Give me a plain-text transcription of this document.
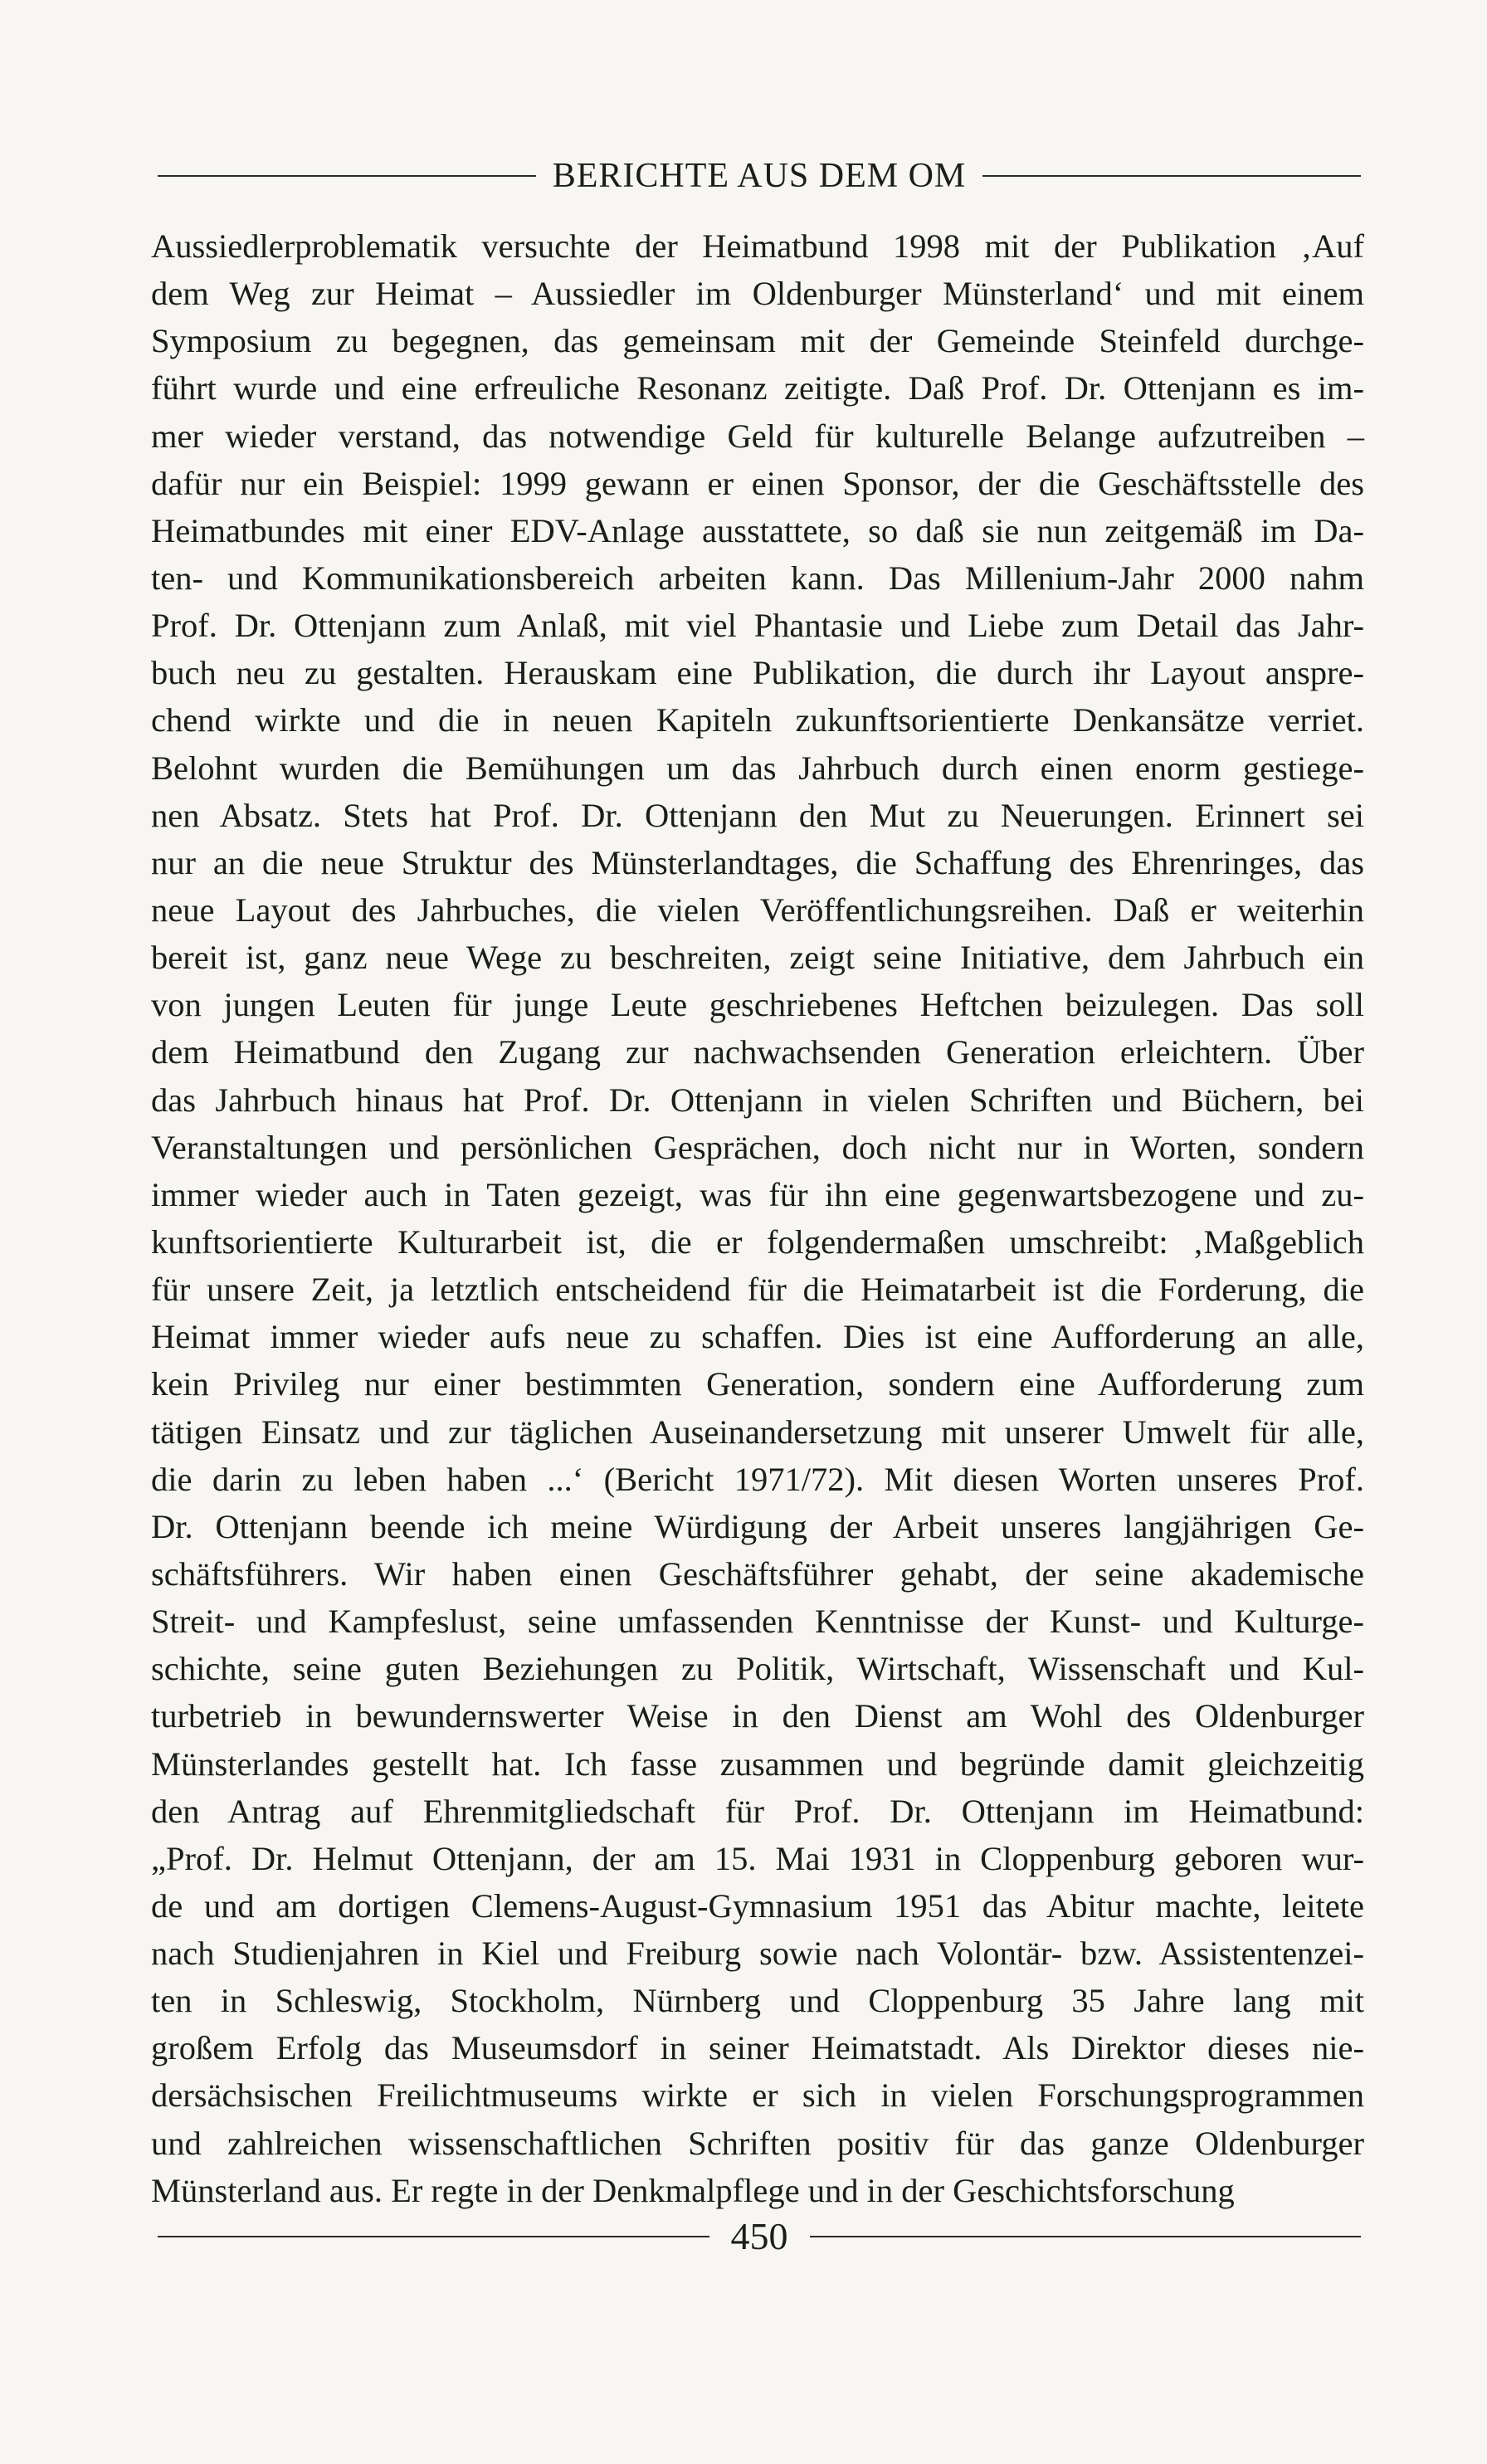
BERICHTE AUS DEM OM
Aussiedlerproblematik versuchte der Heimatbund 1998 mit der Publikation ‚Auf
dem Weg zur Heimat – Aussiedler im Oldenburger Münsterland‘ und mit einem
Symposium zu begegnen, das gemeinsam mit der Gemeinde Steinfeld durchge-
führt wurde und eine erfreuliche Resonanz zeitigte. Daß Prof. Dr. Ottenjann es im-
mer wieder verstand, das notwendige Geld für kulturelle Belange aufzutreiben –
dafür nur ein Beispiel: 1999 gewann er einen Sponsor, der die Geschäftsstelle des
Heimatbundes mit einer EDV-Anlage ausstattete, so daß sie nun zeitgemäß im Da-
ten- und Kommunikationsbereich arbeiten kann. Das Millenium-Jahr 2000 nahm
Prof. Dr. Ottenjann zum Anlaß, mit viel Phantasie und Liebe zum Detail das Jahr-
buch neu zu gestalten. Herauskam eine Publikation, die durch ihr Layout anspre-
chend wirkte und die in neuen Kapiteln zukunftsorientierte Denkansätze verriet.
Belohnt wurden die Bemühungen um das Jahrbuch durch einen enorm gestiege-
nen Absatz. Stets hat Prof. Dr. Ottenjann den Mut zu Neuerungen. Erinnert sei
nur an die neue Struktur des Münsterlandtages, die Schaffung des Ehrenringes, das
neue Layout des Jahrbuches, die vielen Veröffentlichungsreihen. Daß er weiterhin
bereit ist, ganz neue Wege zu beschreiten, zeigt seine Initiative, dem Jahrbuch ein
von jungen Leuten für junge Leute geschriebenes Heftchen beizulegen. Das soll
dem Heimatbund den Zugang zur nachwachsenden Generation erleichtern. Über
das Jahrbuch hinaus hat Prof. Dr. Ottenjann in vielen Schriften und Büchern, bei
Veranstaltungen und persönlichen Gesprächen, doch nicht nur in Worten, sondern
immer wieder auch in Taten gezeigt, was für ihn eine gegenwartsbezogene und zu-
kunftsorientierte Kulturarbeit ist, die er folgendermaßen umschreibt: ‚Maßgeblich
für unsere Zeit, ja letztlich entscheidend für die Heimatarbeit ist die Forderung, die
Heimat immer wieder aufs neue zu schaffen. Dies ist eine Aufforderung an alle,
kein Privileg nur einer bestimmten Generation, sondern eine Aufforderung zum
tätigen Einsatz und zur täglichen Auseinandersetzung mit unserer Umwelt für alle,
die darin zu leben haben ...‘ (Bericht 1971/72). Mit diesen Worten unseres Prof.
Dr. Ottenjann beende ich meine Würdigung der Arbeit unseres langjährigen Ge-
schäftsführers. Wir haben einen Geschäftsführer gehabt, der seine akademische
Streit- und Kampfeslust, seine umfassenden Kenntnisse der Kunst- und Kulturge-
schichte, seine guten Beziehungen zu Politik, Wirtschaft, Wissenschaft und Kul-
turbetrieb in bewundernswerter Weise in den Dienst am Wohl des Oldenburger
Münsterlandes gestellt hat. Ich fasse zusammen und begründe damit gleichzeitig
den Antrag auf Ehrenmitgliedschaft für Prof. Dr. Ottenjann im Heimatbund:
„Prof. Dr. Helmut Ottenjann, der am 15. Mai 1931 in Cloppenburg geboren wur-
de und am dortigen Clemens-August-Gymnasium 1951 das Abitur machte, leitete
nach Studienjahren in Kiel und Freiburg sowie nach Volontär- bzw. Assistentenzei-
ten in Schleswig, Stockholm, Nürnberg und Cloppenburg 35 Jahre lang mit
großem Erfolg das Museumsdorf in seiner Heimatstadt. Als Direktor dieses nie-
dersächsischen Freilichtmuseums wirkte er sich in vielen Forschungsprogrammen
und zahlreichen wissenschaftlichen Schriften positiv für das ganze Oldenburger
Münsterland aus. Er regte in der Denkmalpflege und in der Geschichtsforschung
450
